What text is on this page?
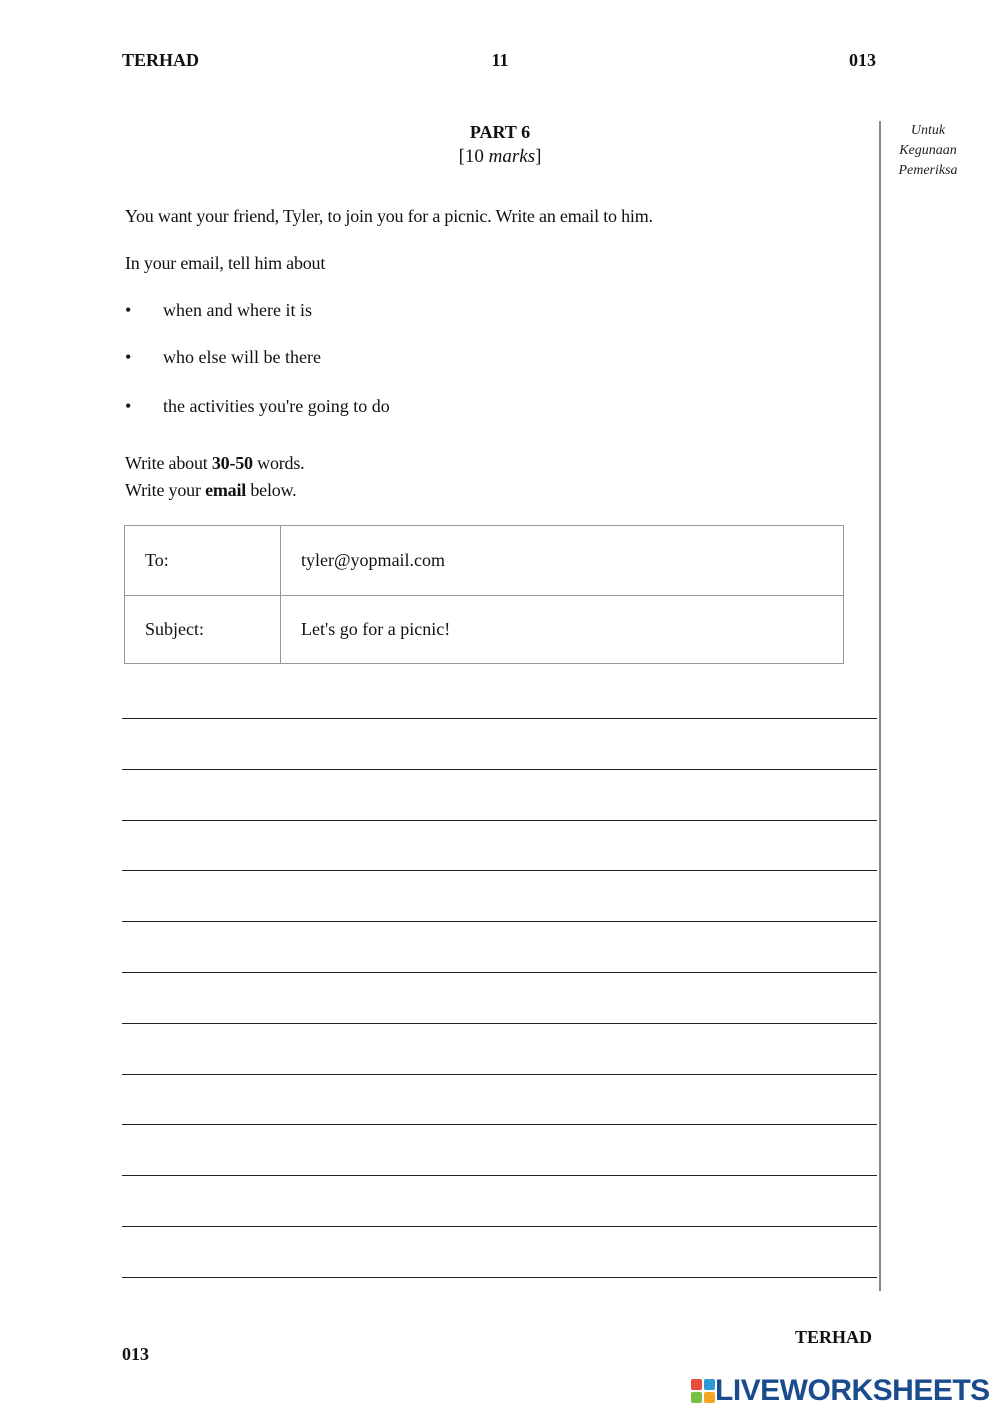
TERHAD	11	013
Untuk
Kegunaan
Pemeriksa
PART 6
[10 marks]
You want your friend, Tyler, to join you for a picnic. Write an email to him.
In your email, tell him about
•	when and where it is
•	who else will be there
•	the activities you're going to do
Write about 30-50 words.
Write your email below.
To:	tyler@yopmail.com
Subject:	Let's go for a picnic!
TERHAD
013
LIVEWORKSHEETS
